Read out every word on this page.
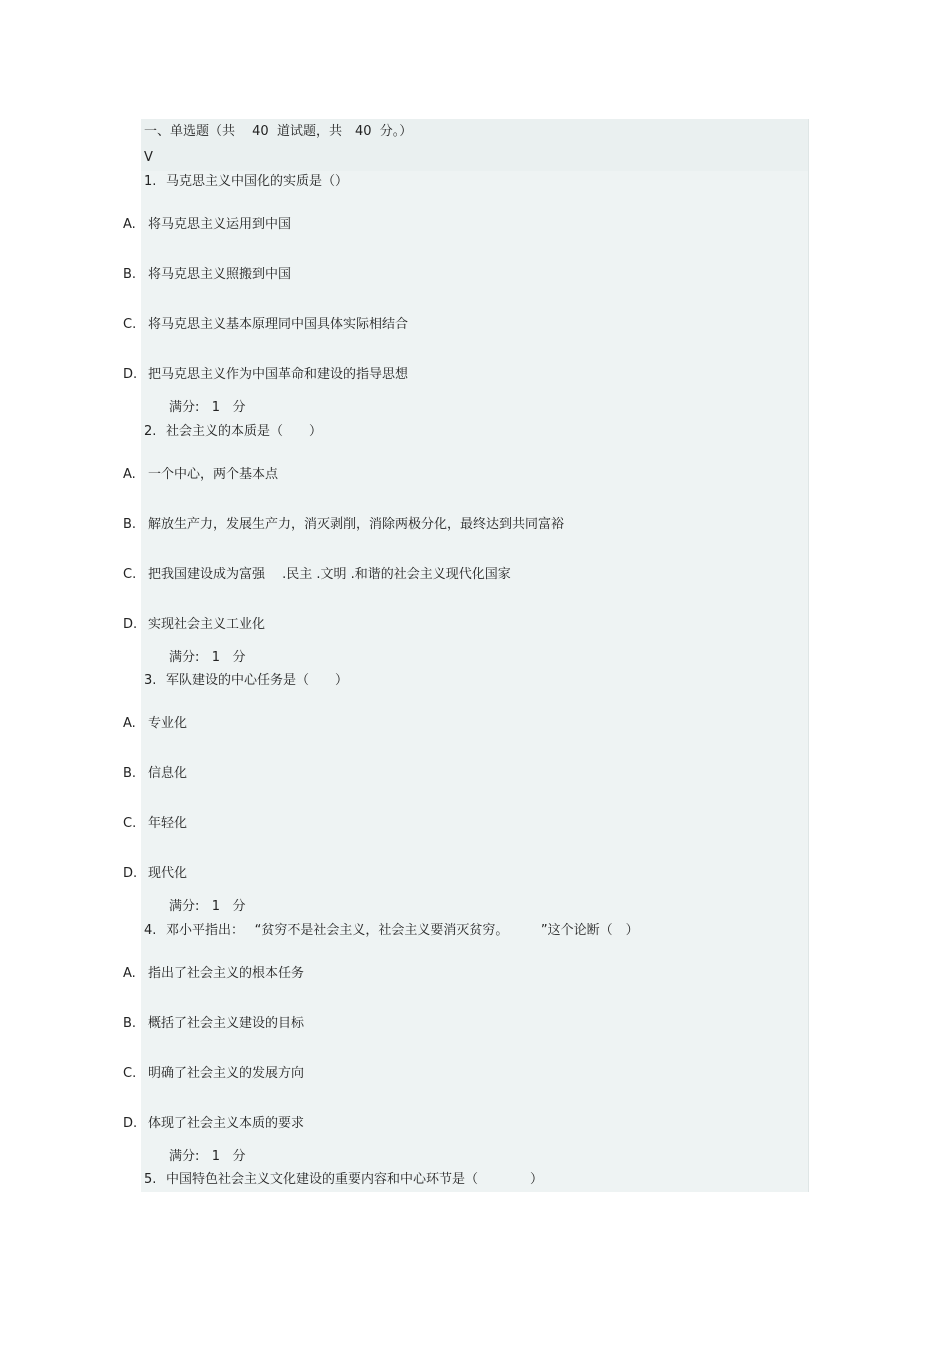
一、单选题（共　 40  道试题，共　40  分。）
V
1. 马克思主义中国化的实质是（）
A. 将马克思主义运用到中国
B. 将马克思主义照搬到中国
C. 将马克思主义基本原理同中国具体实际相结合
D. 把马克思主义作为中国革命和建设的指导思想
满分:   1   分
2. 社会主义的本质是（　　）
A. 一个中心，两个基本点
B. 解放生产力，发展生产力，消灭剥削，消除两极分化，最终达到共同富裕
C. 把我国建设成为富强　 .民主 .文明 .和谐的社会主义现代化国家
D. 实现社会主义工业化
满分:   1   分
3. 军队建设的中心任务是（　　）
A. 专业化
B. 信息化
C. 年轻化
D. 现代化
满分:   1   分
4. 邓小平指出：　 “贫穷不是社会主义，社会主义要消灭贫穷。　　　”这个论断（　）
A. 指出了社会主义的根本任务
B. 概括了社会主义建设的目标
C. 明确了社会主义的发展方向
D. 体现了社会主义本质的要求
满分:   1   分
5. 中国特色社会主义文化建设的重要内容和中心环节是（　　　　）
